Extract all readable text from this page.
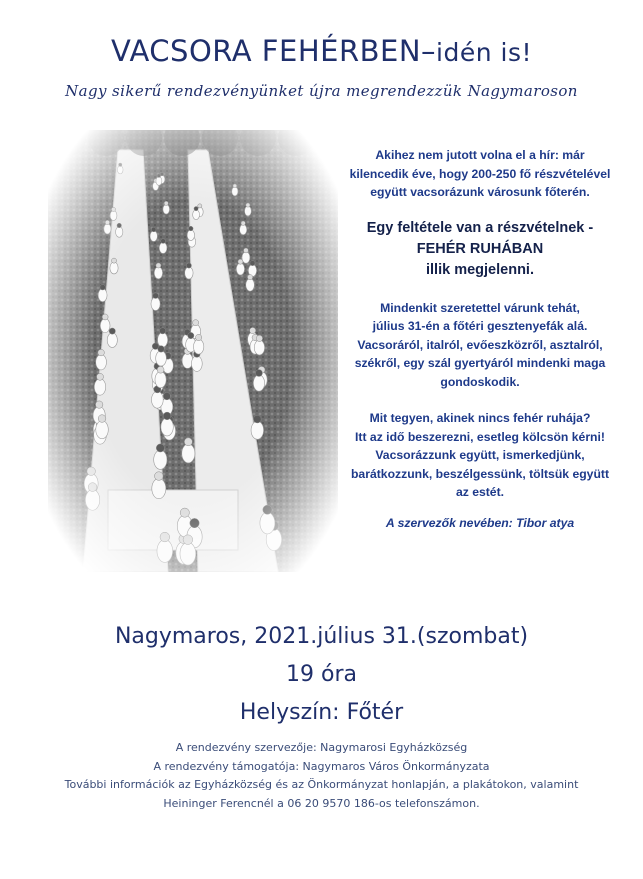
VACSORA FEHÉRBEN–idén is!
Nagy sikerű rendezvényünket újra megrendezzük Nagymaroson

Akihez nem jutott volna el a hír: már
kilencedik éve, hogy 200-250 fő részvételével
együtt vacsorázunk városunk főterén.

Egy feltétele van a részvételnek -
FEHÉR RUHÁBAN
illik megjelenni.

Mindenkit szeretettel várunk tehát,
július 31-én a főtéri gesztenyefák alá.
Vacsoráról, italról, evőeszközről, asztalról,
székről, egy szál gyertyáról mindenki maga
gondoskodik.

Mit tegyen, akinek nincs fehér ruhája?
Itt az idő beszerezni, esetleg kölcsön kérni!
Vacsorázzunk együtt, ismerkedjünk,
barátkozzunk, beszélgessünk, töltsük együtt
az estét.

A szervezők nevében: Tibor atya
Nagymaros, 2021.július 31.(szombat)
19 óra
Helyszín: Főtér
A rendezvény szervezője: Nagymarosi Egyházközség
A rendezvény támogatója: Nagymaros Város Önkormányzata
További információk az Egyházközség és az Önkormányzat honlapján, a plakátokon, valamint
Heininger Ferencnél a 06 20 9570 186-os telefonszámon.
